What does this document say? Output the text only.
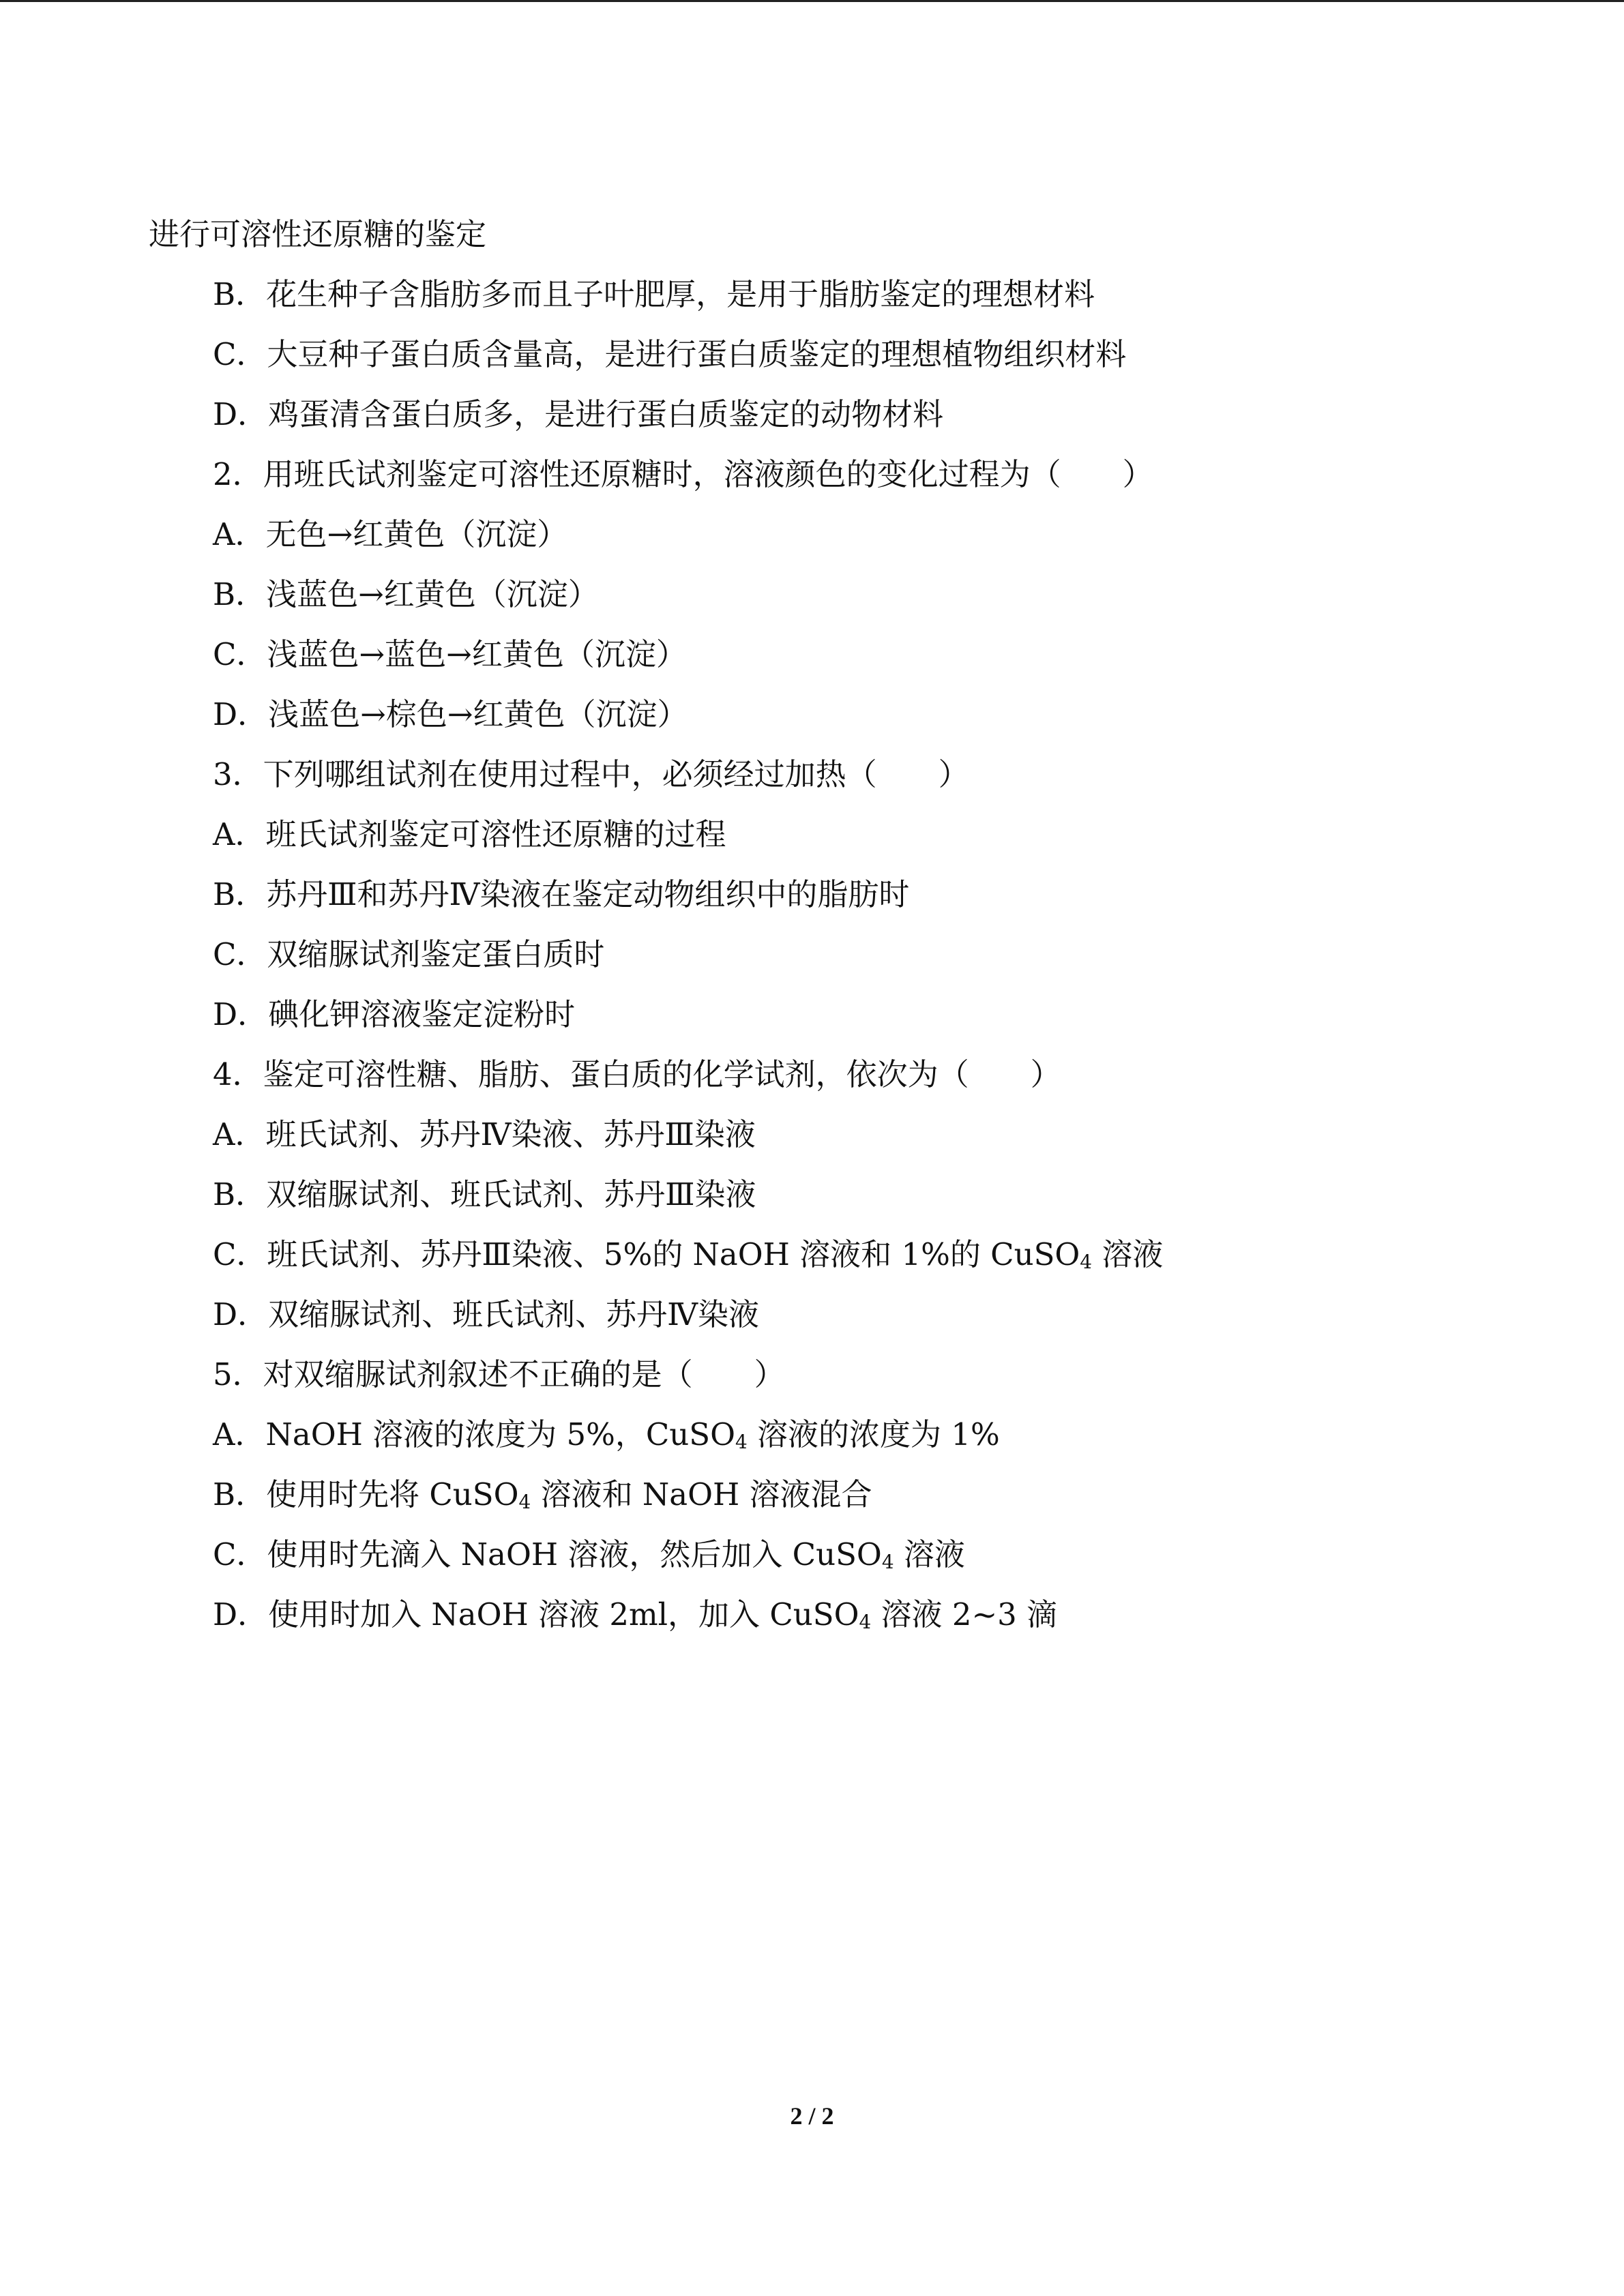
进行可溶性还原糖的鉴定
B．花生种子含脂肪多而且子叶肥厚，是用于脂肪鉴定的理想材料
C．大豆种子蛋白质含量高，是进行蛋白质鉴定的理想植物组织材料
D．鸡蛋清含蛋白质多，是进行蛋白质鉴定的动物材料
2．用班氏试剂鉴定可溶性还原糖时，溶液颜色的变化过程为（　　）
A．无色→红黄色（沉淀）
B．浅蓝色→红黄色（沉淀）
C．浅蓝色→蓝色→红黄色（沉淀）
D．浅蓝色→棕色→红黄色（沉淀）
3．下列哪组试剂在使用过程中，必须经过加热（　　）
A．班氏试剂鉴定可溶性还原糖的过程
B．苏丹Ⅲ和苏丹Ⅳ染液在鉴定动物组织中的脂肪时
C．双缩脲试剂鉴定蛋白质时
D．碘化钾溶液鉴定淀粉时
4．鉴定可溶性糖、脂肪、蛋白质的化学试剂，依次为（　　）
A．班氏试剂、苏丹Ⅳ染液、苏丹Ⅲ染液
B．双缩脲试剂、班氏试剂、苏丹Ⅲ染液
C．班氏试剂、苏丹Ⅲ染液、5%的 NaOH 溶液和 1%的 CuSO$_4$ 溶液
D．双缩脲试剂、班氏试剂、苏丹Ⅳ染液
5．对双缩脲试剂叙述不正确的是（　　）
A．NaOH 溶液的浓度为 5%，CuSO$_4$ 溶液的浓度为 1%
B．使用时先将 CuSO$_4$ 溶液和 NaOH 溶液混合
C．使用时先滴入 NaOH 溶液，然后加入 CuSO$_4$ 溶液
D．使用时加入 NaOH 溶液 2ml，加入 CuSO$_4$ 溶液 2~3 滴
2 / 2
